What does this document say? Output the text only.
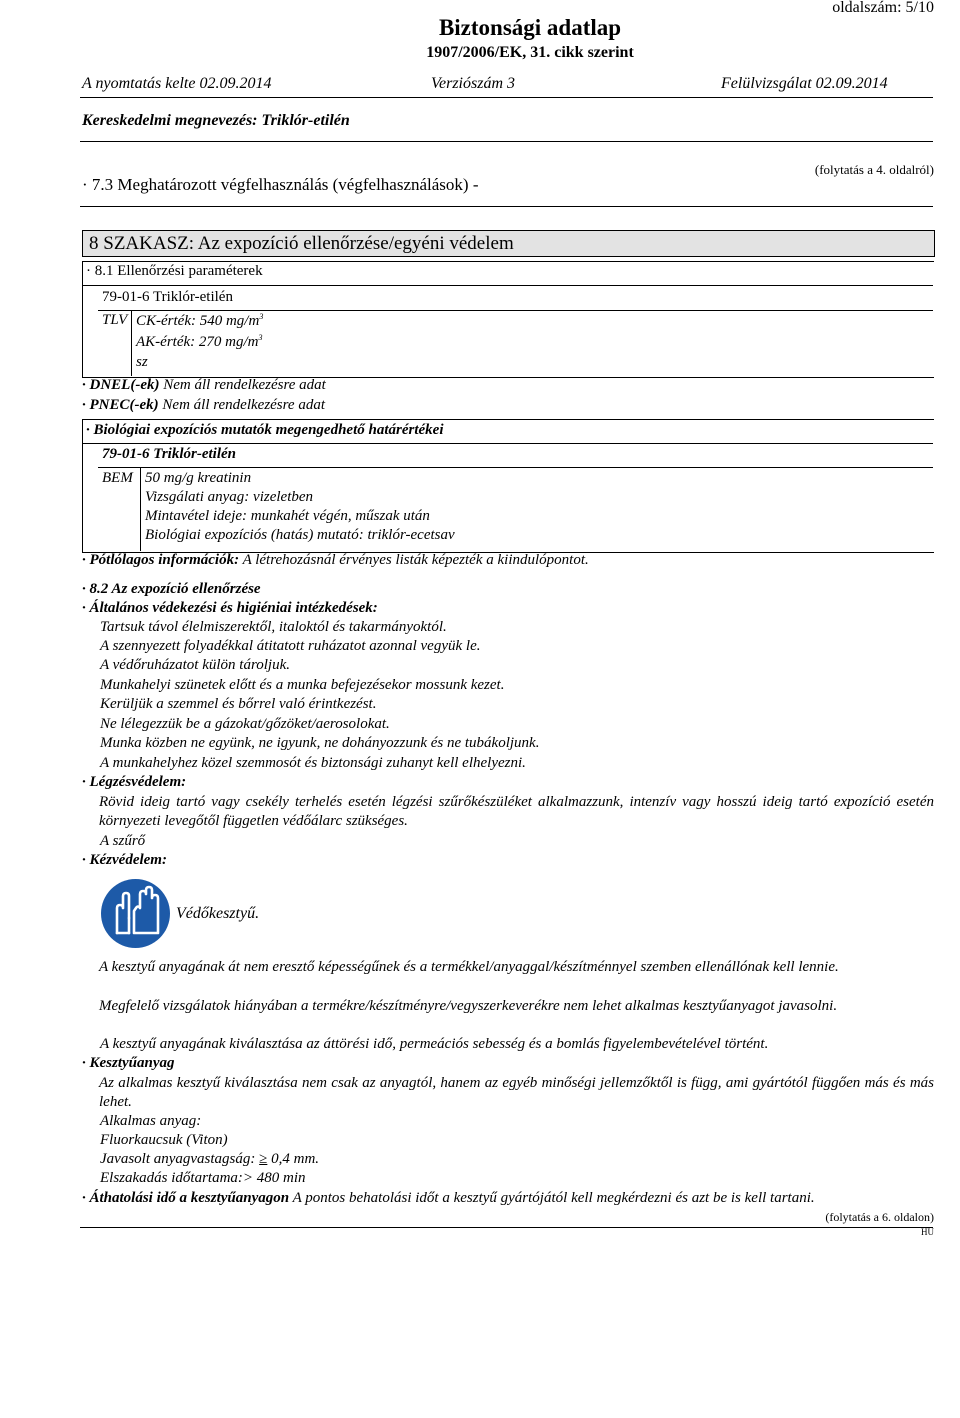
oldalszám: 5/10
Biztonsági adatlap
1907/2006/EK, 31. cikk szerint
A nyomtatás kelte 02.09.2014	Verziószám 3	Felülvizsgálat 02.09.2014
Kereskedelmi megnevezés: Triklór-etilén
(folytatás a 4. oldalról)
· 7.3 Meghatározott végfelhasználás (végfelhasználások) -
8 SZAKASZ: Az expozíció ellenőrzése/egyéni védelem
· 8.1 Ellenőrzési paraméterek
79-01-6 Triklór-etilén
TLV CK-érték: 540 $mg/m^3$
AK-érték: 270 $mg/m^3$
sz
· DNEL(-ek) Nem áll rendelkezésre adat
· PNEC(-ek) Nem áll rendelkezésre adat
· Biológiai expozíciós mutatók megengedhető határértékei
79-01-6 Triklór-etilén
BEM 50 mg/g kreatinin
Vizsgálati anyag: vizeletben
Mintavétel ideje: munkahét végén, műszak után
Biológiai expozíciós (hatás) mutató: triklór-ecetsav
· Pótlólagos információk: A létrehozásnál érvényes listák képezték a kiindulópontot.
· 8.2 Az expozíció ellenőrzése
· Általános védekezési és higiéniai intézkedések:
Tartsuk távol élelmiszerektől, italoktól és takarmányoktól.
A szennyezett folyadékkal átitatott ruházatot azonnal vegyük le.
A védőruházatot külön tároljuk.
Munkahelyi szünetek előtt és a munka befejezésekor mossunk kezet.
Kerüljük a szemmel és bőrrel való érintkezést.
Ne lélegezzük be a gázokat/gőzöket/aerosolokat.
Munka közben ne együnk, ne igyunk, ne dohányozzunk és ne tubákoljunk.
A munkahelyhez közel szemmosót és biztonsági zuhanyt kell elhelyezni.
· Légzésvédelem:
Rövid ideig tartó vagy csekély terhelés esetén légzési szűrőkészüléket alkalmazzunk, intenzív vagy hosszú ideig tartó expozíció esetén környezeti levegőtől független védőálarc szükséges.
A szűrő
· Kézvédelem:
Védőkesztyű.
A kesztyű anyagának át nem eresztő képességűnek és a termékkel/anyaggal/készítménnyel szemben ellenállónak kell lennie.
Megfelelő vizsgálatok hiányában a termékre/készítményre/vegyszerkeverékre nem lehet alkalmas kesztyűanyagot javasolni.
A kesztyű anyagának kiválasztása az áttörési idő, permeációs sebesség és a bomlás figyelembevételével történt.
· Kesztyűanyag
Az alkalmas kesztyű kiválasztása nem csak az anyagtól, hanem az egyéb minőségi jellemzőktől is függ, ami gyártótól függően más és más lehet.
Alkalmas anyag:
Fluorkaucsuk (Viton)
Javasolt anyagvastagság: ≥ 0,4 mm.
Elszakadás időtartama:> 480 min
· Áthatolási idő a kesztyűanyagon A pontos behatolási időt a kesztyű gyártójától kell megkérdezni és azt be is kell tartani.
(folytatás a 6. oldalon)
HU
